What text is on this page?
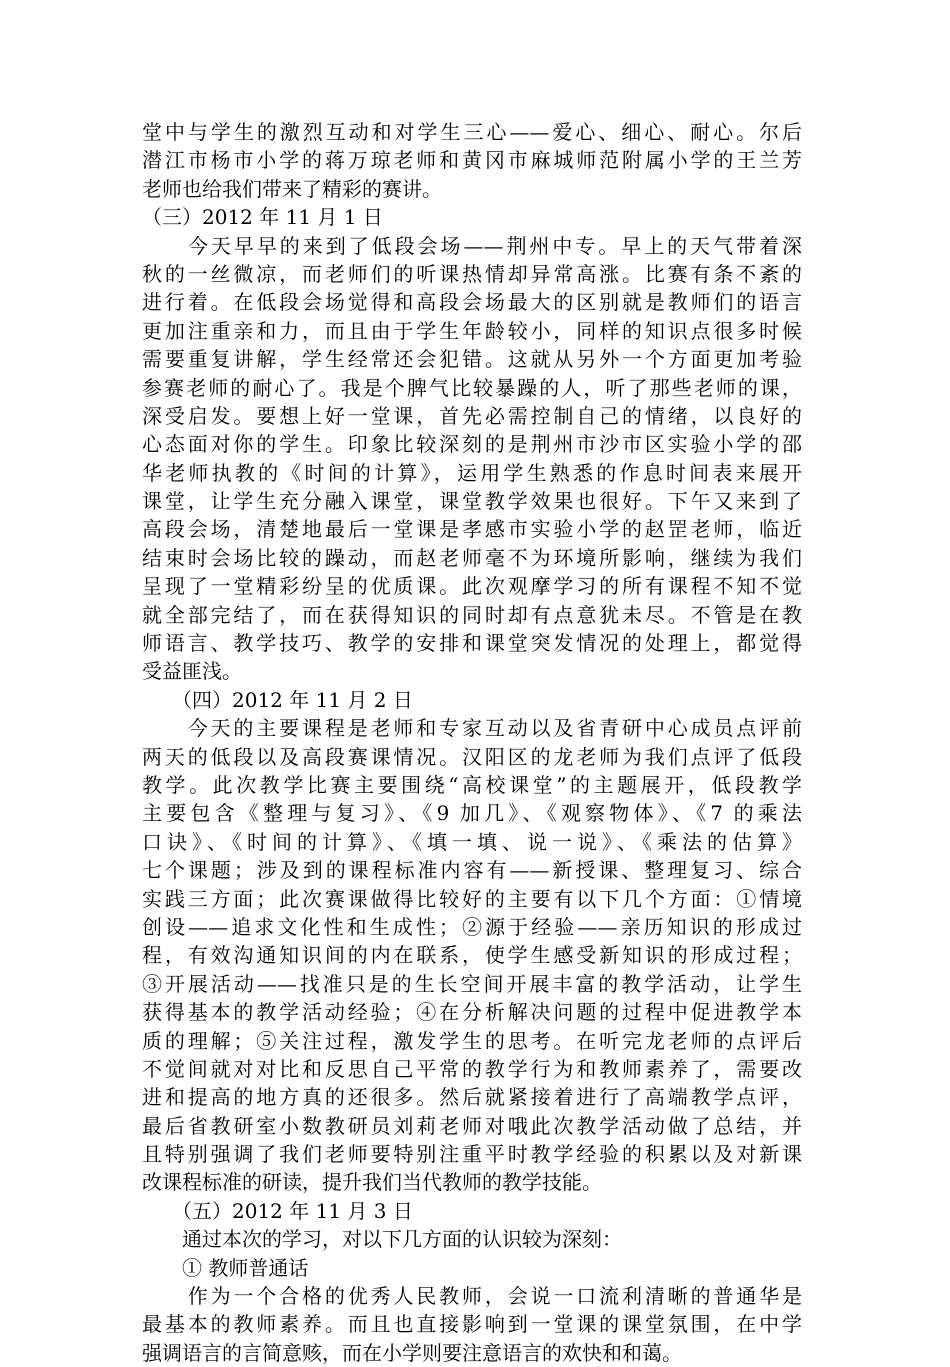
堂中与学生的激烈互动和对学生三心——爱心、细心、耐心。尔后
潜江市杨市小学的蒋万琼老师和黄冈市麻城师范附属小学的王兰芳
老师也给我们带来了精彩的赛讲。
（三）2012 年 11 月 1 日
　　今天早早的来到了低段会场——荆州中专。早上的天气带着深
秋的一丝微凉，而老师们的听课热情却异常高涨。比赛有条不紊的
进行着。在低段会场觉得和高段会场最大的区别就是教师们的语言
更加注重亲和力，而且由于学生年龄较小，同样的知识点很多时候
需要重复讲解，学生经常还会犯错。这就从另外一个方面更加考验
参赛老师的耐心了。我是个脾气比较暴躁的人，听了那些老师的课，
深受启发。要想上好一堂课，首先必需控制自己的情绪，以良好的
心态面对你的学生。印象比较深刻的是荆州市沙市区实验小学的邵
华老师执教的《时间的计算》，运用学生熟悉的作息时间表来展开
课堂，让学生充分融入课堂，课堂教学效果也很好。下午又来到了
高段会场，清楚地最后一堂课是孝感市实验小学的赵罡老师，临近
结束时会场比较的躁动，而赵老师毫不为环境所影响，继续为我们
呈现了一堂精彩纷呈的优质课。此次观摩学习的所有课程不知不觉
就全部完结了，而在获得知识的同时却有点意犹未尽。不管是在教
师语言、教学技巧、教学的安排和课堂突发情况的处理上，都觉得
受益匪浅。
　　（四）2012 年 11 月 2 日
　　今天的主要课程是老师和专家互动以及省青研中心成员点评前
两天的低段以及高段赛课情况。汉阳区的龙老师为我们点评了低段
教学。此次教学比赛主要围绕“高校课堂”的主题展开，低段教学
主要包含《整理与复习》、《9 加几》、《观察物体》、《7 的乘法
口诀》、《时间的计算》、《填一填、说一说》、《乘法的估算》
七个课题；涉及到的课程标准内容有——新授课、整理复习、综合
实践三方面；此次赛课做得比较好的主要有以下几个方面：①情境
创设——追求文化性和生成性；②源于经验——亲历知识的形成过
程，有效沟通知识间的内在联系，使学生感受新知识的形成过程；
③开展活动——找准只是的生长空间开展丰富的教学活动，让学生
获得基本的教学活动经验；④在分析解决问题的过程中促进教学本
质的理解；⑤关注过程，激发学生的思考。在听完龙老师的点评后
不觉间就对对比和反思自己平常的教学行为和教师素养了，需要改
进和提高的地方真的还很多。然后就紧接着进行了高端教学点评，
最后省教研室小数教研员刘莉老师对哦此次教学活动做了总结，并
且特别强调了我们老师要特别注重平时教学经验的积累以及对新课
改课程标准的研读，提升我们当代教师的教学技能。
　　（五）2012 年 11 月 3 日
　　通过本次的学习，对以下几方面的认识较为深刻：
　　① 教师普通话
　　作为一个合格的优秀人民教师，会说一口流利清晰的普通华是
最基本的教师素养。而且也直接影响到一堂课的课堂氛围，在中学
强调语言的言简意赅，而在小学则要注意语言的欢快和和蔼。
